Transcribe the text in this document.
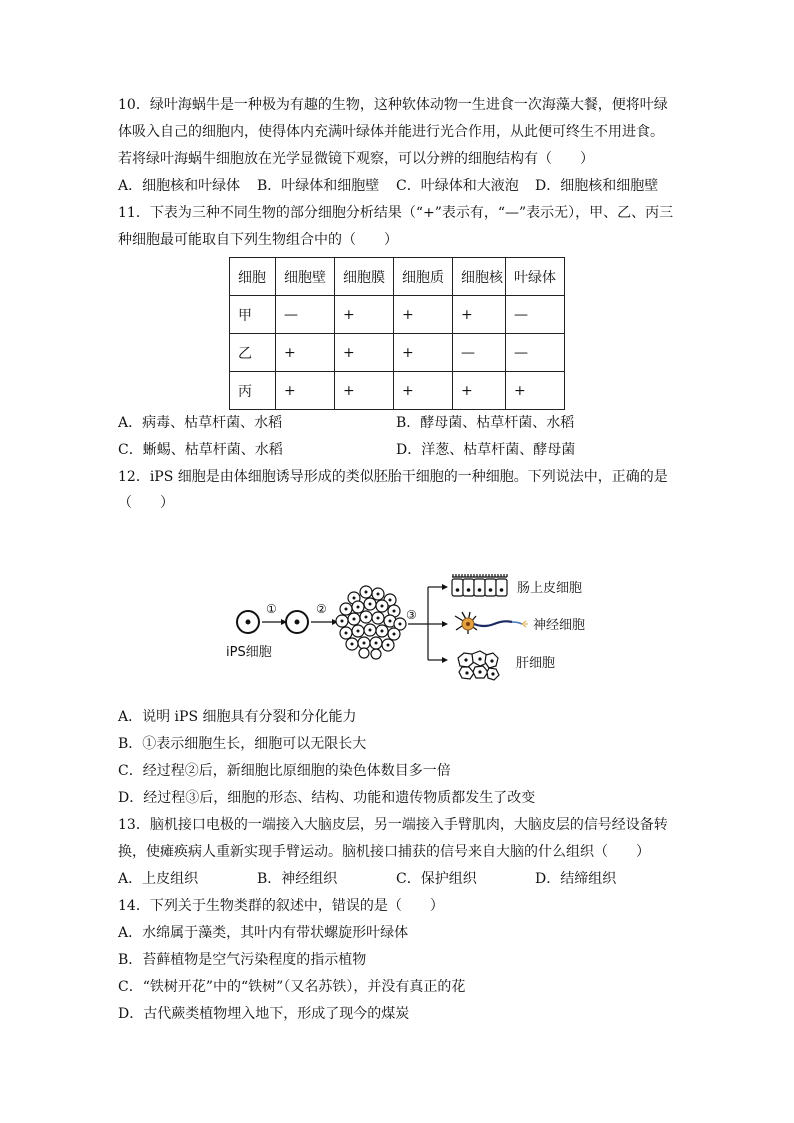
10．绿叶海蜗牛是一种极为有趣的生物，这种软体动物一生进食一次海藻大餐，便将叶绿
体吸入自己的细胞内，使得体内充满叶绿体并能进行光合作用，从此便可终生不用进食。
若将绿叶海蜗牛细胞放在光学显微镜下观察，可以分辨的细胞结构有（　　）
A．细胞核和叶绿体 B．叶绿体和细胞壁 C．叶绿体和大液泡 D．细胞核和细胞壁
11．下表为三种不同生物的部分细胞分析结果（“+”表示有，“—”表示无），甲、乙、丙三
种细胞最可能取自下列生物组合中的（　　）
细胞	细胞壁	细胞膜	细胞质	细胞核	叶绿体
甲	—	+	+	+	—
乙	+	+	+	—	—
丙	+	+	+	+	+
A．病毒、枯草杆菌、水稻	B．酵母菌、枯草杆菌、水稻
C．蜥蜴、枯草杆菌、水稻	D．洋葱、枯草杆菌、酵母菌
12．iPS 细胞是由体细胞诱导形成的类似胚胎干细胞的一种细胞。下列说法中，正确的是
（　　）
iPS细胞
①	②	③
肠上皮细胞
神经细胞
肝细胞
A．说明 iPS 细胞具有分裂和分化能力
B．①表示细胞生长，细胞可以无限长大
C．经过程②后，新细胞比原细胞的染色体数目多一倍
D．经过程③后，细胞的形态、结构、功能和遗传物质都发生了改变
13．脑机接口电极的一端接入大脑皮层，另一端接入手臂肌肉，大脑皮层的信号经设备转
换，使瘫痪病人重新实现手臂运动。脑机接口捕获的信号来自大脑的什么组织（　　）
A．上皮组织	B．神经组织	C．保护组织	D．结缔组织
14．下列关于生物类群的叙述中，错误的是（　　）
A．水绵属于藻类，其叶内有带状螺旋形叶绿体
B．苔藓植物是空气污染程度的指示植物
C．“铁树开花”中的“铁树”（又名苏铁），并没有真正的花
D．古代蕨类植物埋入地下，形成了现今的煤炭
